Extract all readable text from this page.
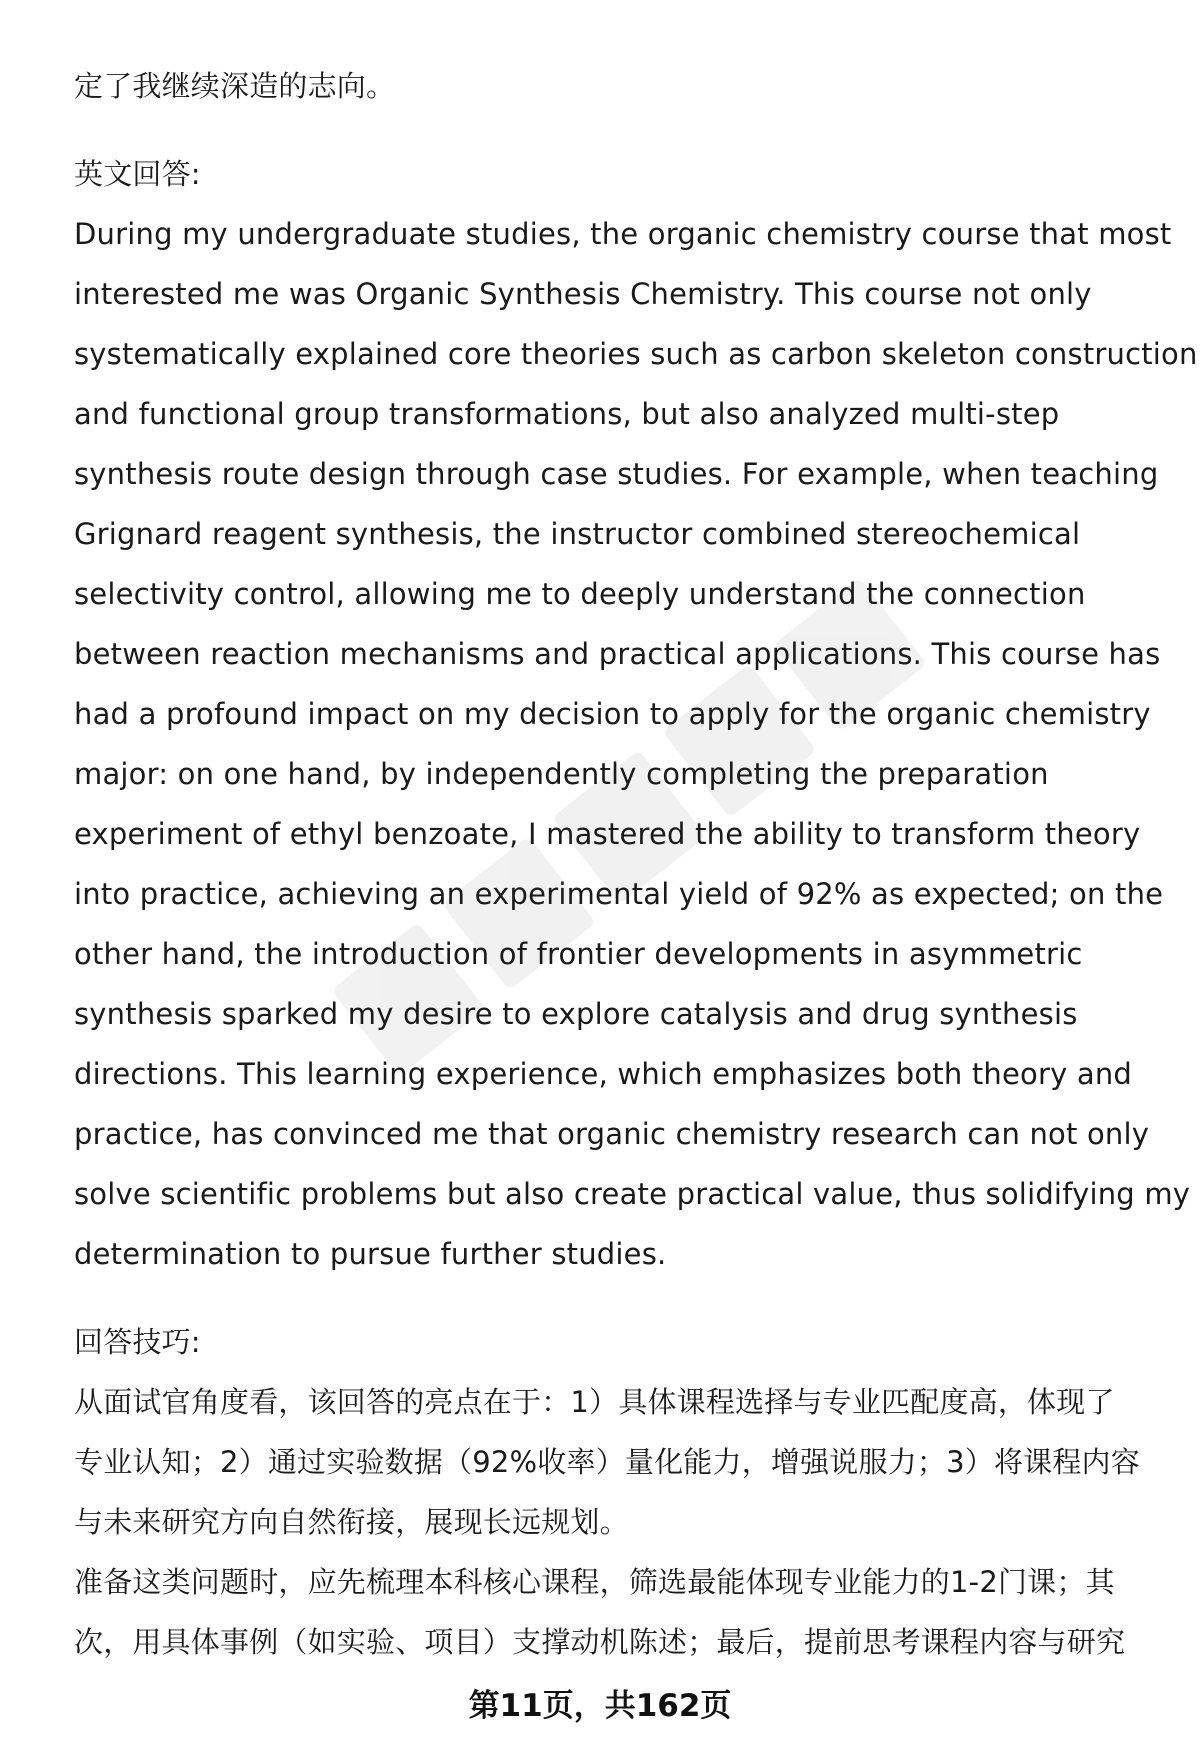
定了我继续深造的志向。
英文回答:
During my undergraduate studies, the organic chemistry course that most
interested me was Organic Synthesis Chemistry. This course not only
systematically explained core theories such as carbon skeleton construction
and functional group transformations, but also analyzed multi-step
synthesis route design through case studies. For example, when teaching
Grignard reagent synthesis, the instructor combined stereochemical
selectivity control, allowing me to deeply understand the connection
between reaction mechanisms and practical applications. This course has
had a profound impact on my decision to apply for the organic chemistry
major: on one hand, by independently completing the preparation
experiment of ethyl benzoate, I mastered the ability to transform theory
into practice, achieving an experimental yield of 92% as expected; on the
other hand, the introduction of frontier developments in asymmetric
synthesis sparked my desire to explore catalysis and drug synthesis
directions. This learning experience, which emphasizes both theory and
practice, has convinced me that organic chemistry research can not only
solve scientific problems but also create practical value, thus solidifying my
determination to pursue further studies.
回答技巧:
从面试官角度看，该回答的亮点在于：1）具体课程选择与专业匹配度高，体现了
专业认知；2）通过实验数据（92%收率）量化能力，增强说服力；3）将课程内容
与未来研究方向自然衔接，展现长远规划。
准备这类问题时，应先梳理本科核心课程，筛选最能体现专业能力的1-2门课；其
次，用具体事例（如实验、项目）支撑动机陈述；最后，提前思考课程内容与研究
第11页，共162页
